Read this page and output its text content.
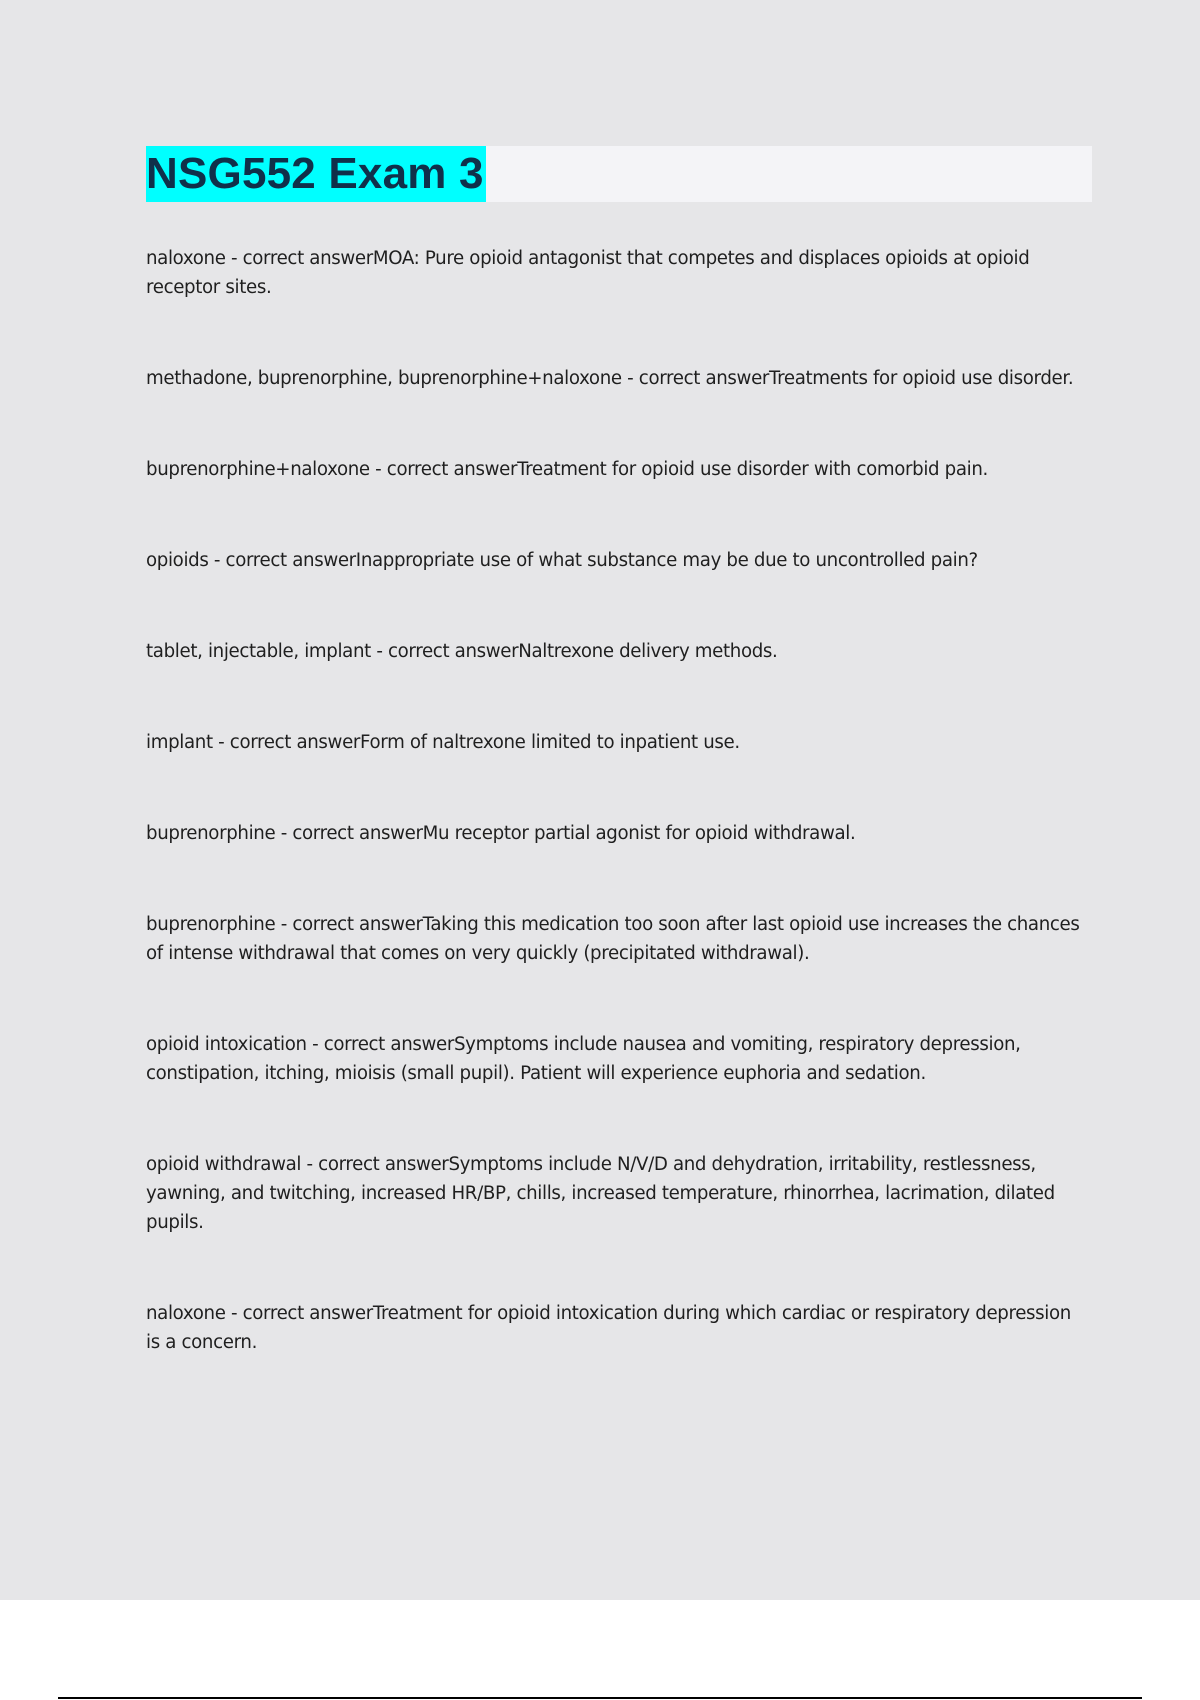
NSG552 Exam 3
naloxone - correct answerMOA: Pure opioid antagonist that competes and displaces opioids at opioid receptor sites.
methadone, buprenorphine, buprenorphine+naloxone - correct answerTreatments for opioid use disorder.
buprenorphine+naloxone - correct answerTreatment for opioid use disorder with comorbid pain.
opioids - correct answerInappropriate use of what substance may be due to uncontrolled pain?
tablet, injectable, implant - correct answerNaltrexone delivery methods.
implant - correct answerForm of naltrexone limited to inpatient use.
buprenorphine - correct answerMu receptor partial agonist for opioid withdrawal.
buprenorphine - correct answerTaking this medication too soon after last opioid use increases the chances of intense withdrawal that comes on very quickly (precipitated withdrawal).
opioid intoxication - correct answerSymptoms include nausea and vomiting, respiratory depression, constipation, itching, mioisis (small pupil). Patient will experience euphoria and sedation.
opioid withdrawal - correct answerSymptoms include N/V/D and dehydration, irritability, restlessness, yawning, and twitching, increased HR/BP, chills, increased temperature, rhinorrhea, lacrimation, dilated pupils.
naloxone - correct answerTreatment for opioid intoxication during which cardiac or respiratory depression is a concern.
